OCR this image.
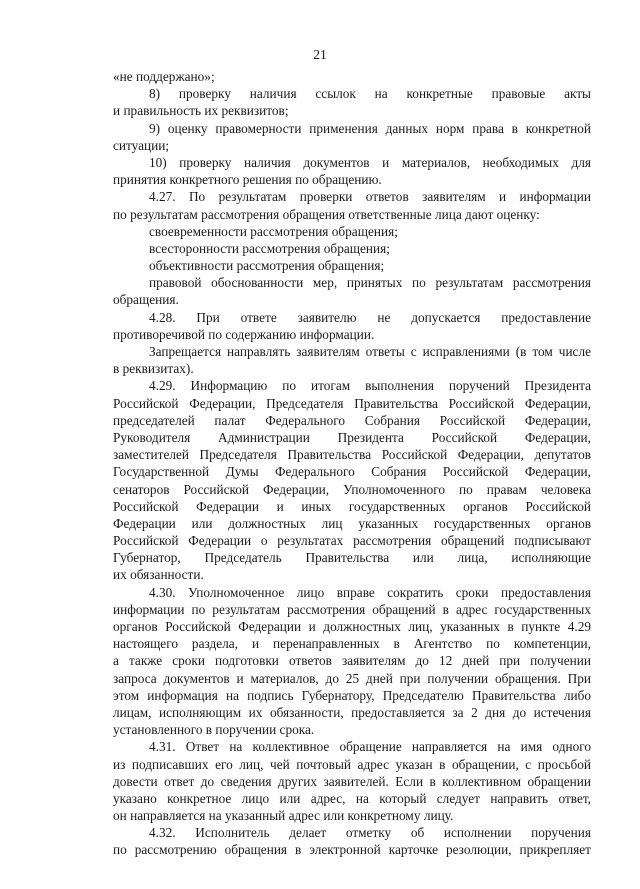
21
«не поддержано»;
8) проверку наличия ссылок на конкретные правовые акты
и правильность их реквизитов;
9) оценку правомерности применения данных норм права в конкретной
ситуации;
10) проверку наличия документов и материалов, необходимых для
принятия конкретного решения по обращению.
4.27. По результатам проверки ответов заявителям и информации
по результатам рассмотрения обращения ответственные лица дают оценку:
своевременности рассмотрения обращения;
всесторонности рассмотрения обращения;
объективности рассмотрения обращения;
правовой обоснованности мер, принятых по результатам рассмотрения
обращения.
4.28. При ответе заявителю не допускается предоставление
противоречивой по содержанию информации.
Запрещается направлять заявителям ответы с исправлениями (в том числе
в реквизитах).
4.29. Информацию по итогам выполнения поручений Президента
Российской Федерации, Председателя Правительства Российской Федерации,
председателей палат Федерального Собрания Российской Федерации,
Руководителя Администрации Президента Российской Федерации,
заместителей Председателя Правительства Российской Федерации, депутатов
Государственной Думы Федерального Собрания Российской Федерации,
сенаторов Российской Федерации, Уполномоченного по правам человека
Российской Федерации и иных государственных органов Российской
Федерации или должностных лиц указанных государственных органов
Российской Федерации о результатах рассмотрения обращений подписывают
Губернатор, Председатель Правительства или лица, исполняющие
их обязанности.
4.30. Уполномоченное лицо вправе сократить сроки предоставления
информации по результатам рассмотрения обращений в адрес государственных
органов Российской Федерации и должностных лиц, указанных в пункте 4.29
настоящего раздела, и перенаправленных в Агентство по компетенции,
а также сроки подготовки ответов заявителям до 12 дней при получении
запроса документов и материалов, до 25 дней при получении обращения. При
этом информация на подпись Губернатору, Председателю Правительства либо
лицам, исполняющим их обязанности, предоставляется за 2 дня до истечения
установленного в поручении срока.
4.31. Ответ на коллективное обращение направляется на имя одного
из подписавших его лиц, чей почтовый адрес указан в обращении, с просьбой
довести ответ до сведения других заявителей. Если в коллективном обращении
указано конкретное лицо или адрес, на который следует направить ответ,
он направляется на указанный адрес или конкретному лицу.
4.32. Исполнитель делает отметку об исполнении поручения
по рассмотрению обращения в электронной карточке резолюции, прикрепляет
